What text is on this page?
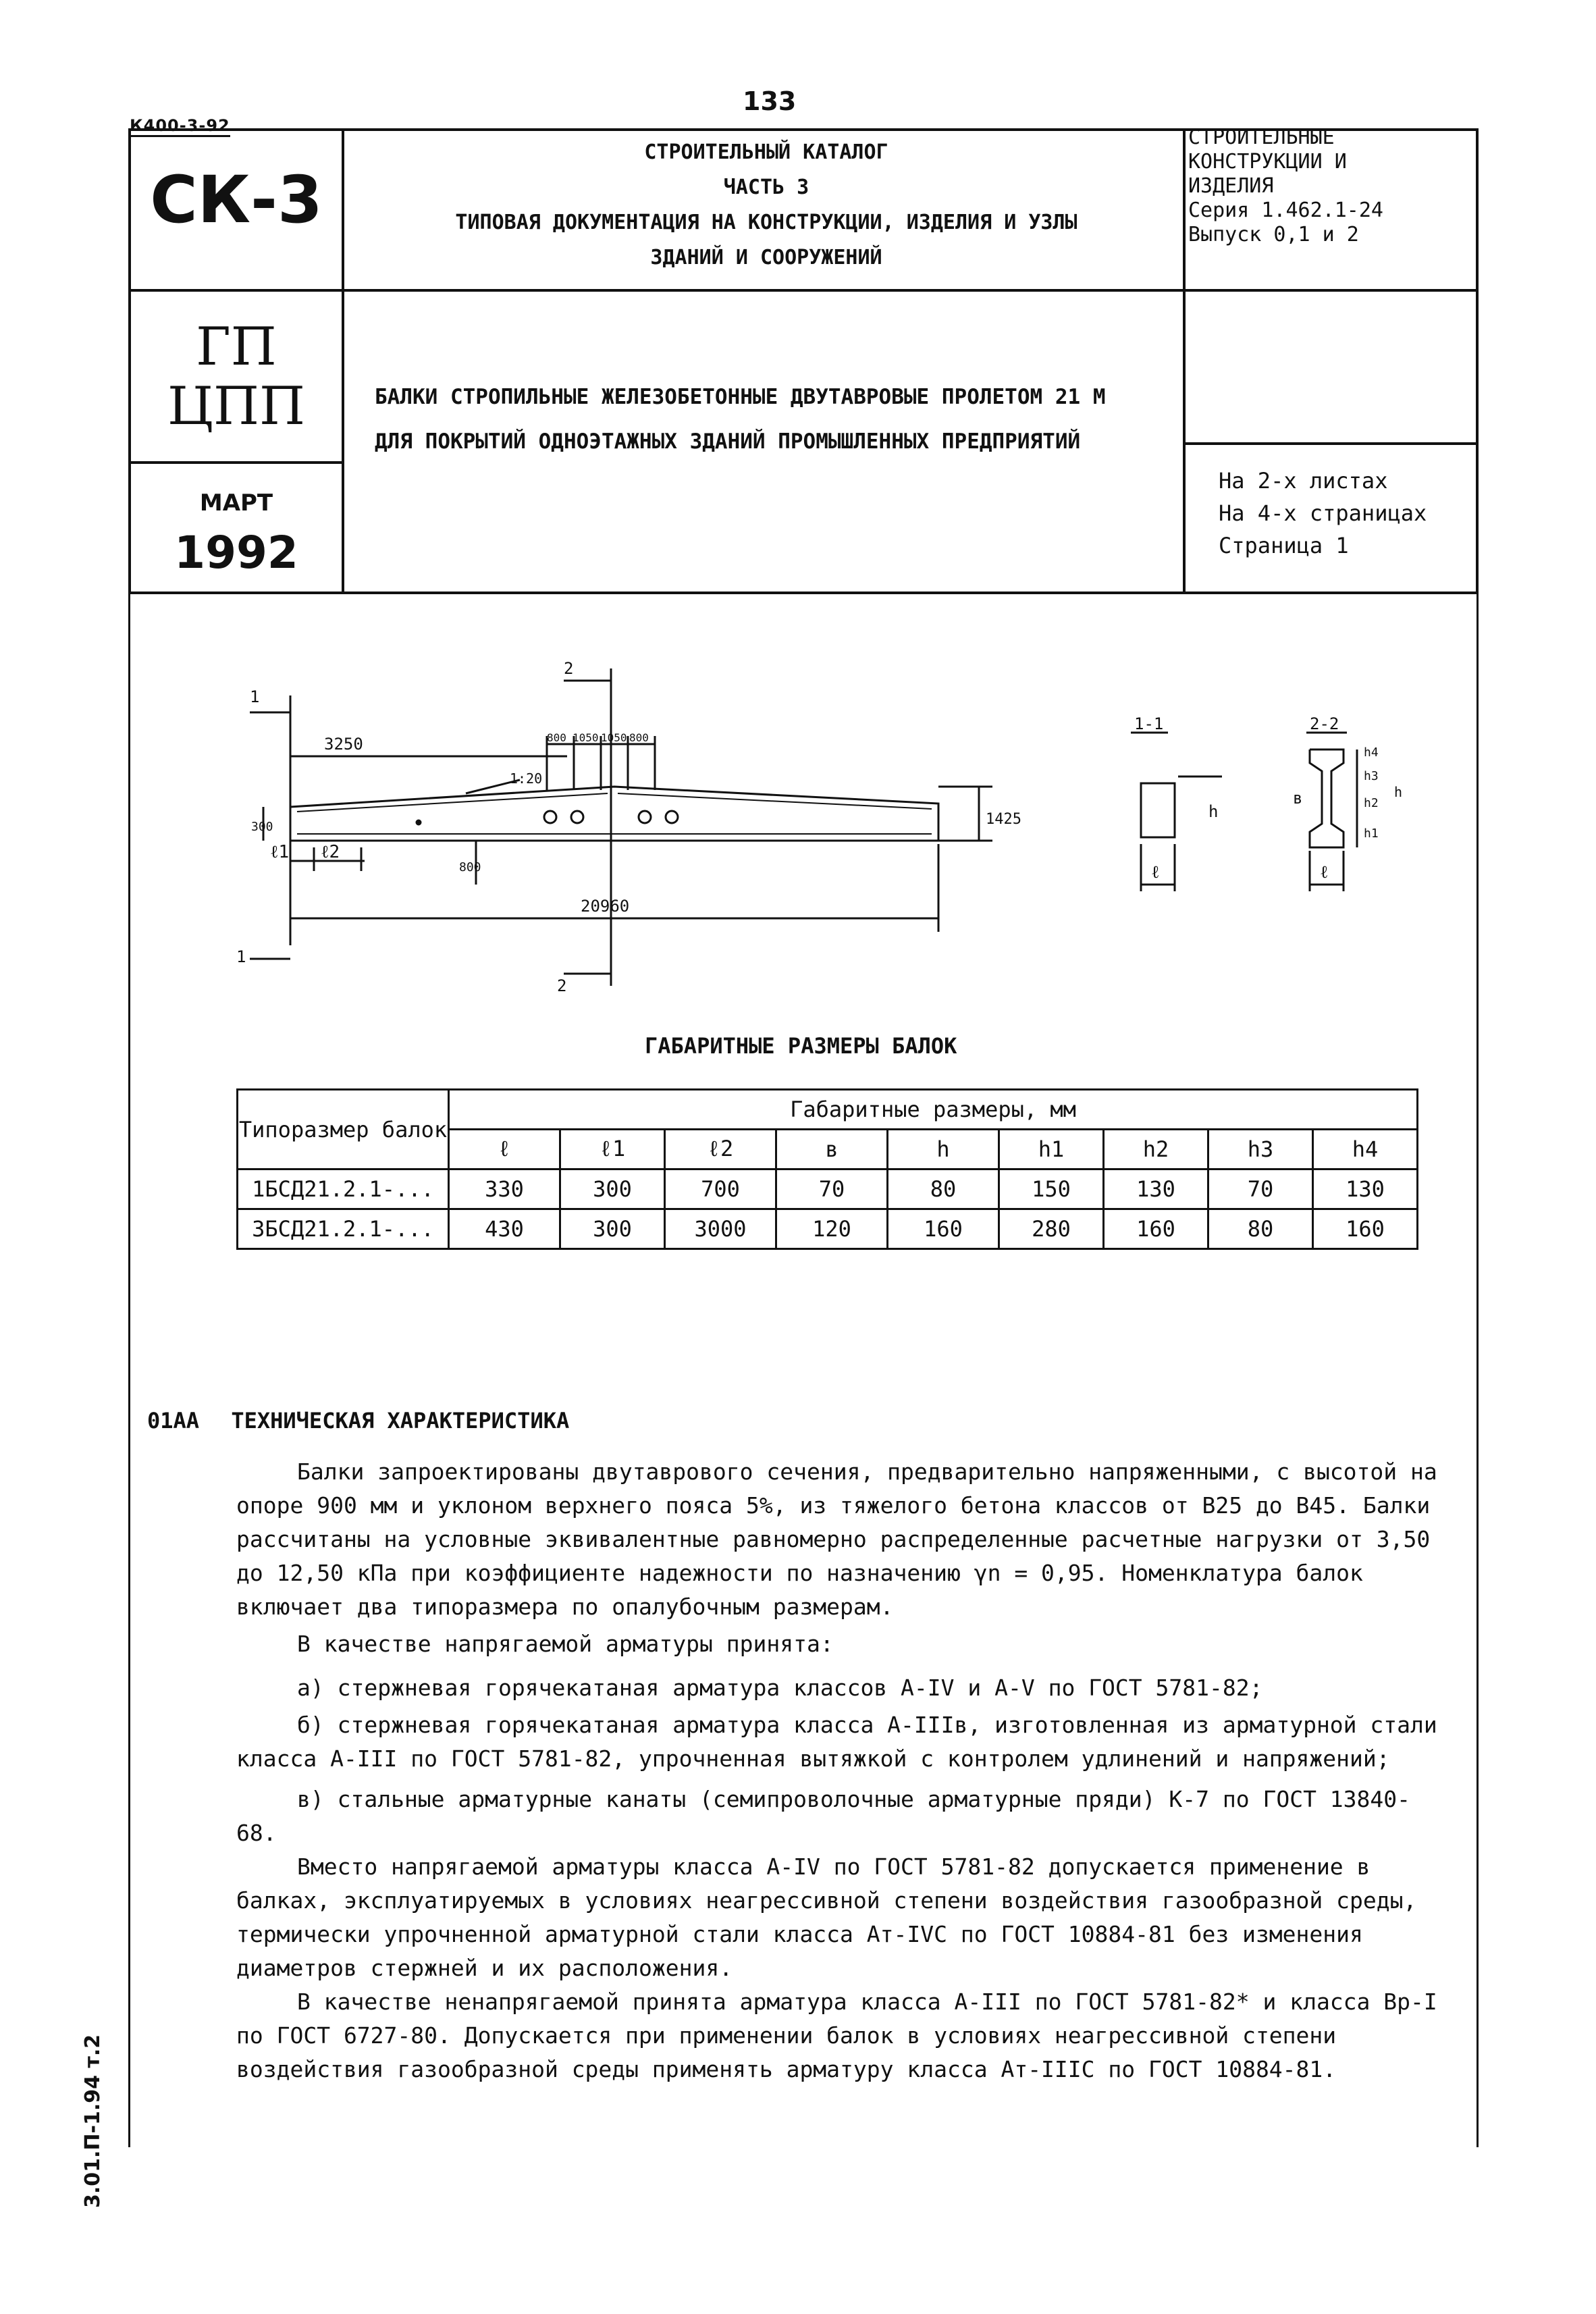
133
К400-3-92
СК-3
ГП
ЦПП
МАРТ
1992
СТРОИТЕЛЬНЫЙ КАТАЛОГ
ЧАСТЬ 3
ТИПОВАЯ ДОКУМЕНТАЦИЯ НА КОНСТРУКЦИИ, ИЗДЕЛИЯ И УЗЛЫ
ЗДАНИЙ И СООРУЖЕНИЙ
СТРОИТЕЛЬНЫЕ
КОНСТРУКЦИИ И
ИЗДЕЛИЯ
Серия 1.462.1-24
Выпуск 0,1 и 2
БАЛКИ СТРОПИЛЬНЫЕ ЖЕЛЕЗОБЕТОННЫЕ ДВУТАВРОВЫЕ ПРОЛЕТОМ 21 М
ДЛЯ ПОКРЫТИЙ ОДНОЭТАЖНЫХ ЗДАНИЙ ПРОМЫШЛЕННЫХ ПРЕДПРИЯТИЙ
На 2-х листах
На 4-х страницах
Страница 1
1
1
2
2
3250	800 1050 1050 800
1:20
300
800
1425
ℓ1 ℓ2
20960
1-1
ℓ
h
2-2
ℓ
в
h4
h3
h2
h1
h
ГАБАРИТНЫЕ РАЗМЕРЫ БАЛОК
Типоразмер балок	Габаритные размеры, мм								
	ℓ	ℓ1	ℓ2	в	h	h1	h2	h3	h4
1БСД21.2.1-...	330	300	700	70	80	150	130	70	130
3БСД21.2.1-...	430	300	3000	120	160	280	160	80	160
01АА ТЕХНИЧЕСКАЯ ХАРАКТЕРИСТИКА
Балки запроектированы двутаврового сечения, предварительно напряженными, с высотой на опоре 900 мм и уклоном верхнего пояса 5%, из тяжелого бетона классов от В25 до В45. Балки рассчитаны на условные эквивалентные равномерно распределенные расчетные нагрузки от 3,50 до 12,50 кПа при коэффициенте надежности по назначению γn = 0,95. Номенклатура балок включает два типоразмера по опалубочным размерам.
В качестве напрягаемой арматуры принята:
а) стержневая горячекатаная арматура классов А-IV и А-V по ГОСТ 5781-82;
б) стержневая горячекатаная арматура класса А-IIIв, изготовленная из арматурной стали класса А-III по ГОСТ 5781-82, упрочненная вытяжкой с контролем удлинений и напряжений;
в) стальные арматурные канаты (семипроволочные арматурные пряди) К-7 по ГОСТ 13840-68.
Вместо напрягаемой арматуры класса А-IV по ГОСТ 5781-82 допускается применение в балках, эксплуатируемых в условиях неагрессивной степени воздействия газообразной среды, термически упрочненной арматурной стали класса Ат-IVС по ГОСТ 10884-81 без изменения диаметров стержней и их расположения.
В качестве ненапрягаемой принята арматура класса А-III по ГОСТ 5781-82* и класса Вр-I по ГОСТ 6727-80. Допускается при применении балок в условиях неагрессивной степени воздействия газообразной среды применять арматуру класса Ат-IIIС по ГОСТ 10884-81.
3.01.П-1.94 т.2
